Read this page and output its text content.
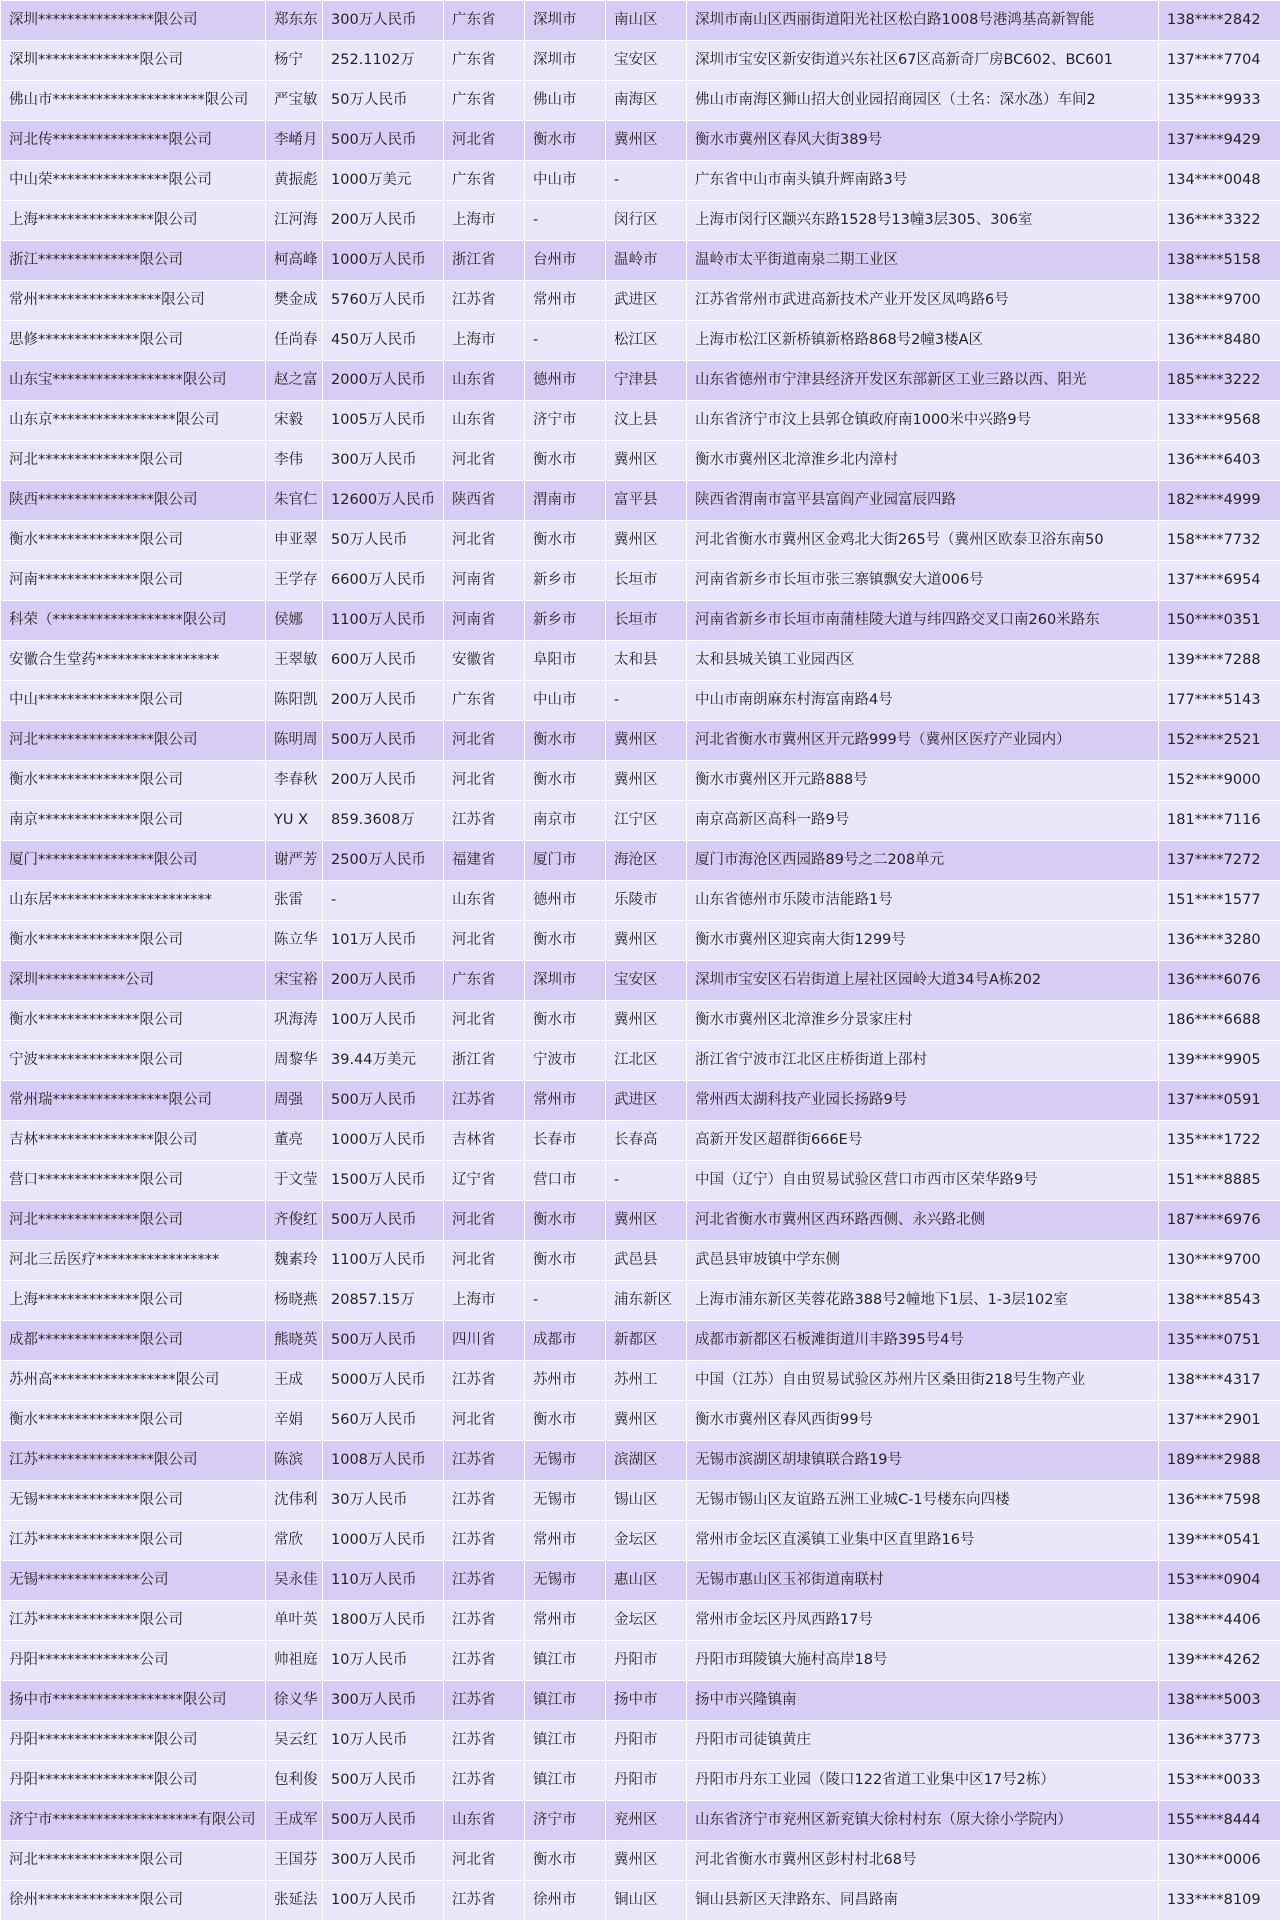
深圳****************限公司	郑东东	300万人民币	广东省	深圳市	南山区	深圳市南山区西丽街道阳光社区松白路1008号港鸿基高新智能	138****2842
深圳**************限公司	杨宁	252.1102万	广东省	深圳市	宝安区	深圳市宝安区新安街道兴东社区67区高新奇厂房BC602、BC601	137****7704
佛山市*********************限公司	严宝敏	50万人民币	广东省	佛山市	南海区	佛山市南海区狮山招大创业园招商园区（土名：深水氹）车间2	135****9933
河北传****************限公司	李崤月	500万人民币	河北省	衡水市	冀州区	衡水市冀州区春风大街389号	137****9429
中山荣****************限公司	黄振彪	1000万美元	广东省	中山市	-	广东省中山市南头镇升辉南路3号	134****0048
上海****************限公司	江河海	200万人民币	上海市	-	闵行区	上海市闵行区颛兴东路1528号13幢3层305、306室	136****3322
浙江**************限公司	柯高峰	1000万人民币	浙江省	台州市	温岭市	温岭市太平街道南泉二期工业区	138****5158
常州*****************限公司	樊金成	5760万人民币	江苏省	常州市	武进区	江苏省常州市武进高新技术产业开发区凤鸣路6号	138****9700
思修**************限公司	任尚春	450万人民币	上海市	-	松江区	上海市松江区新桥镇新格路868号2幢3楼A区	136****8480
山东宝******************限公司	赵之富	2000万人民币	山东省	德州市	宁津县	山东省德州市宁津县经济开发区东部新区工业三路以西、阳光	185****3222
山东京*****************限公司	宋毅	1005万人民币	山东省	济宁市	汶上县	山东省济宁市汶上县郭仓镇政府南1000米中兴路9号	133****9568
河北**************限公司	李伟	300万人民币	河北省	衡水市	冀州区	衡水市冀州区北漳淮乡北内漳村	136****6403
陕西****************限公司	朱官仁	12600万人民币	陕西省	渭南市	富平县	陕西省渭南市富平县富阎产业园富辰四路	182****4999
衡水**************限公司	申亚翠	50万人民币	河北省	衡水市	冀州区	河北省衡水市冀州区金鸡北大街265号（冀州区欧泰卫浴东南50	158****7732
河南**************限公司	王学存	6600万人民币	河南省	新乡市	长垣市	河南省新乡市长垣市张三寨镇飘安大道006号	137****6954
科荣（******************限公司	侯娜	1100万人民币	河南省	新乡市	长垣市	河南省新乡市长垣市南蒲桂陵大道与纬四路交叉口南260米路东	150****0351
安徽合生堂药*****************	王翠敏	600万人民币	安徽省	阜阳市	太和县	太和县城关镇工业园西区	139****7288
中山**************限公司	陈阳凯	200万人民币	广东省	中山市	-	中山市南朗麻东村海富南路4号	177****5143
河北****************限公司	陈明周	500万人民币	河北省	衡水市	冀州区	河北省衡水市冀州区开元路999号（冀州区医疗产业园内）	152****2521
衡水**************限公司	李春秋	200万人民币	河北省	衡水市	冀州区	衡水市冀州区开元路888号	152****9000
南京**************限公司	YU X	859.3608万	江苏省	南京市	江宁区	南京高新区高科一路9号	181****7116
厦门****************限公司	谢严芳	2500万人民币	福建省	厦门市	海沧区	厦门市海沧区西园路89号之二208单元	137****7272
山东居**********************	张雷	-	山东省	德州市	乐陵市	山东省德州市乐陵市洁能路1号	151****1577
衡水**************限公司	陈立华	101万人民币	河北省	衡水市	冀州区	衡水市冀州区迎宾南大街1299号	136****3280
深圳************公司	宋宝裕	200万人民币	广东省	深圳市	宝安区	深圳市宝安区石岩街道上屋社区园岭大道34号A栋202	136****6076
衡水**************限公司	巩海涛	100万人民币	河北省	衡水市	冀州区	衡水市冀州区北漳淮乡分景家庄村	186****6688
宁波**************限公司	周黎华	39.44万美元	浙江省	宁波市	江北区	浙江省宁波市江北区庄桥街道上邵村	139****9905
常州瑞****************限公司	周强	500万人民币	江苏省	常州市	武进区	常州西太湖科技产业园长扬路9号	137****0591
吉林****************限公司	董亮	1000万人民币	吉林省	长春市	长春高	高新开发区超群街666E号	135****1722
营口**************限公司	于文莹	1500万人民币	辽宁省	营口市	-	中国（辽宁）自由贸易试验区营口市西市区荣华路9号	151****8885
河北**************限公司	齐俊红	500万人民币	河北省	衡水市	冀州区	河北省衡水市冀州区西环路西侧、永兴路北侧	187****6976
河北三岳医疗*****************	魏素玲	1100万人民币	河北省	衡水市	武邑县	武邑县审坡镇中学东侧	130****9700
上海**************限公司	杨晓燕	20857.15万	上海市	-	浦东新区	上海市浦东新区芙蓉花路388号2幢地下1层、1-3层102室	138****8543
成都**************限公司	熊晓英	500万人民币	四川省	成都市	新都区	成都市新都区石板滩街道川丰路395号4号	135****0751
苏州高*****************限公司	王成	5000万人民币	江苏省	苏州市	苏州工	中国（江苏）自由贸易试验区苏州片区桑田街218号生物产业	138****4317
衡水**************限公司	辛娟	560万人民币	河北省	衡水市	冀州区	衡水市冀州区春风西街99号	137****2901
江苏****************限公司	陈滨	1008万人民币	江苏省	无锡市	滨湖区	无锡市滨湖区胡埭镇联合路19号	189****2988
无锡**************限公司	沈伟利	30万人民币	江苏省	无锡市	锡山区	无锡市锡山区友谊路五洲工业城C-1号楼东向四楼	136****7598
江苏**************限公司	常欣	1000万人民币	江苏省	常州市	金坛区	常州市金坛区直溪镇工业集中区直里路16号	139****0541
无锡**************公司	吴永佳	110万人民币	江苏省	无锡市	惠山区	无锡市惠山区玉祁街道南联村	153****0904
江苏**************限公司	单叶英	1800万人民币	江苏省	常州市	金坛区	常州市金坛区丹凤西路17号	138****4406
丹阳**************公司	帅祖庭	10万人民币	江苏省	镇江市	丹阳市	丹阳市珥陵镇大施村高岸18号	139****4262
扬中市******************限公司	徐义华	300万人民币	江苏省	镇江市	扬中市	扬中市兴隆镇南	138****5003
丹阳****************限公司	吴云红	10万人民币	江苏省	镇江市	丹阳市	丹阳市司徒镇黄庄	136****3773
丹阳****************限公司	包利俊	500万人民币	江苏省	镇江市	丹阳市	丹阳市丹东工业园（陵口122省道工业集中区17号2栋）	153****0033
济宁市********************有限公司	王成军	500万人民币	山东省	济宁市	兖州区	山东省济宁市兖州区新兖镇大徐村村东（原大徐小学院内）	155****8444
河北**************限公司	王国芬	300万人民币	河北省	衡水市	冀州区	河北省衡水市冀州区彭村村北68号	130****0006
徐州**************限公司	张延法	100万人民币	江苏省	徐州市	铜山区	铜山县新区天津路东、同昌路南	133****8109
